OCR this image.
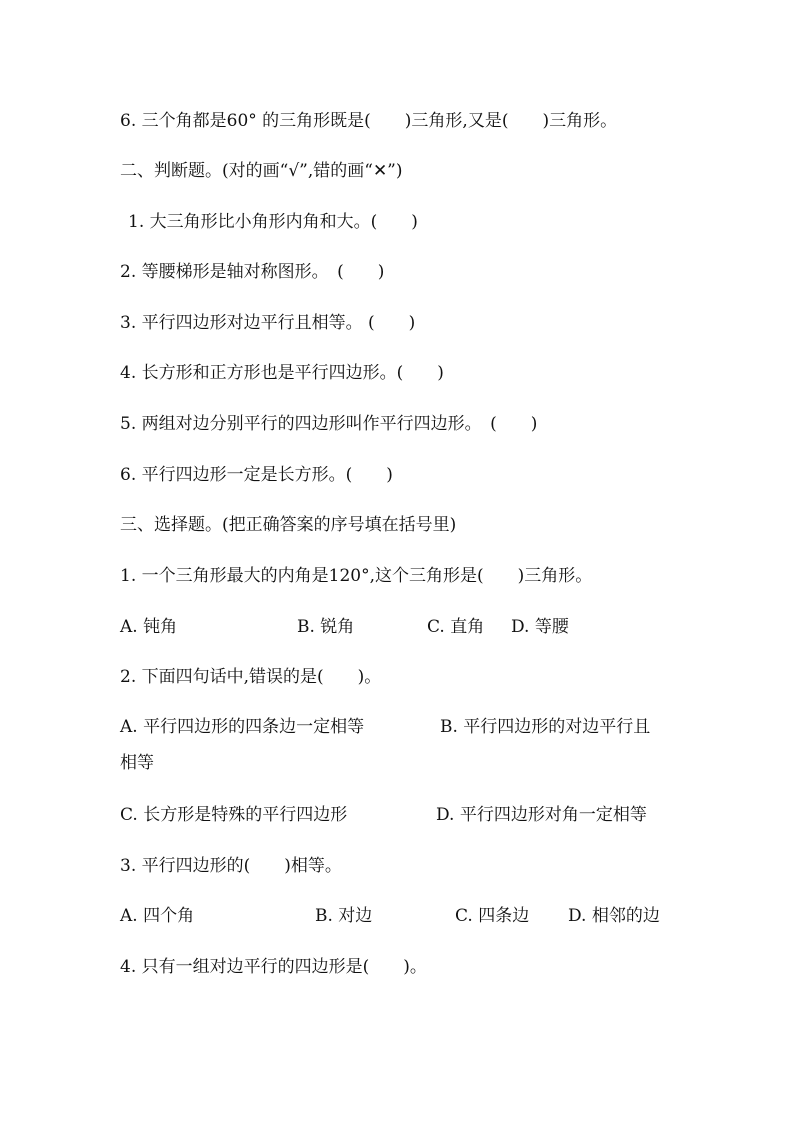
6. 三个角都是60° 的三角形既是(　　)三角形,又是(　　)三角形。
二、判断题。(对的画“√”,错的画“✕”)
1. 大三角形比小角形内角和大。(　　)
2. 等腰梯形是轴对称图形。　(　　)
3. 平行四边形对边平行且相等。 (　　)
4. 长方形和正方形也是平行四边形。(　　)
5. 两组对边分别平行的四边形叫作平行四边形。　(　　)
6. 平行四边形一定是长方形。(　　)
三、选择题。(把正确答案的序号填在括号里)
1. 一个三角形最大的内角是120°,这个三角形是(　　)三角形。
A. 钝角	B. 锐角	C. 直角 D. 等腰
2. 下面四句话中,错误的是(　　)。
A. 平行四边形的四条边一定相等	B. 平行四边形的对边平行且
相等
C. 长方形是特殊的平行四边形	D. 平行四边形对角一定相等
3. 平行四边形的(　　)相等。
A. 四个角	B. 对边	C. 四条边 D. 相邻的边
4. 只有一组对边平行的四边形是(　　)。
